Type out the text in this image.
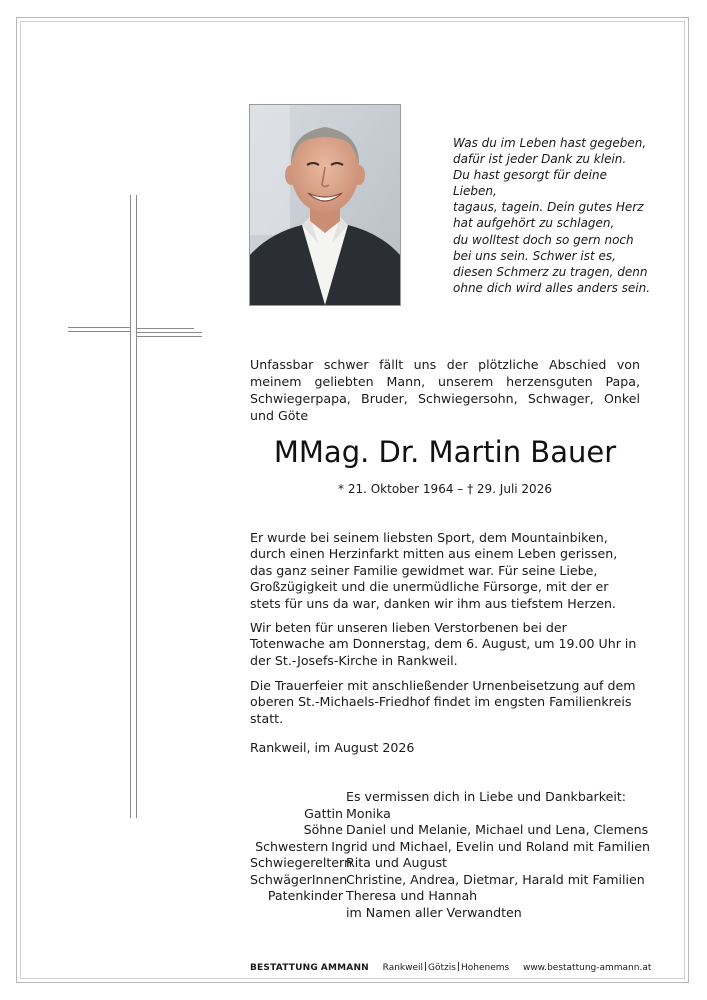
Was du im Leben hast gegeben,
dafür ist jeder Dank zu klein.
Du hast gesorgt für deine Lieben,
tagaus, tagein. Dein gutes Herz
hat aufgehört zu schlagen,
du wolltest doch so gern noch
bei uns sein. Schwer ist es,
diesen Schmerz zu tragen, denn
ohne dich wird alles anders sein.
Unfassbar schwer fällt uns der plötzliche Abschied von meinem geliebten Mann, unserem herzensguten Papa, Schwiegerpapa, Bruder, Schwiegersohn, Schwager, Onkel und Göte
MMag. Dr. Martin Bauer
* 21. Oktober 1964 – † 29. Juli 2026
Er wurde bei seinem liebsten Sport, dem Mountainbiken, durch einen Herzinfarkt mitten aus einem Leben gerissen, das ganz seiner Familie gewidmet war. Für seine Liebe, Großzügigkeit und die unermüdliche Fürsorge, mit der er stets für uns da war, danken wir ihm aus tiefstem Herzen.
Wir beten für unseren lieben Verstorbenen bei der Totenwache am Donnerstag, dem 6. August, um 19.00 Uhr in der St.-Josefs-Kirche in Rankweil.
Die Trauerfeier mit anschließender Urnenbeisetzung auf dem oberen St.-Michaels-Friedhof findet im engsten Familienkreis statt.
Rankweil, im August 2026
Es vermissen dich in Liebe und Dankbarkeit:
Gattin Monika
Söhne Daniel und Melanie, Michael und Lena, Clemens
Schwestern Ingrid und Michael, Evelin und Roland mit Familien
Schwiegereltern
Rita und August
SchwägerInnen
Christine, Andrea, Dietmar, Harald mit Familien
Patenkinder Theresa und Hannah
im Namen aller Verwandten
BESTATTUNG AMMANN Rankweil Götzis Hohenems www.bestattung-ammann.at
